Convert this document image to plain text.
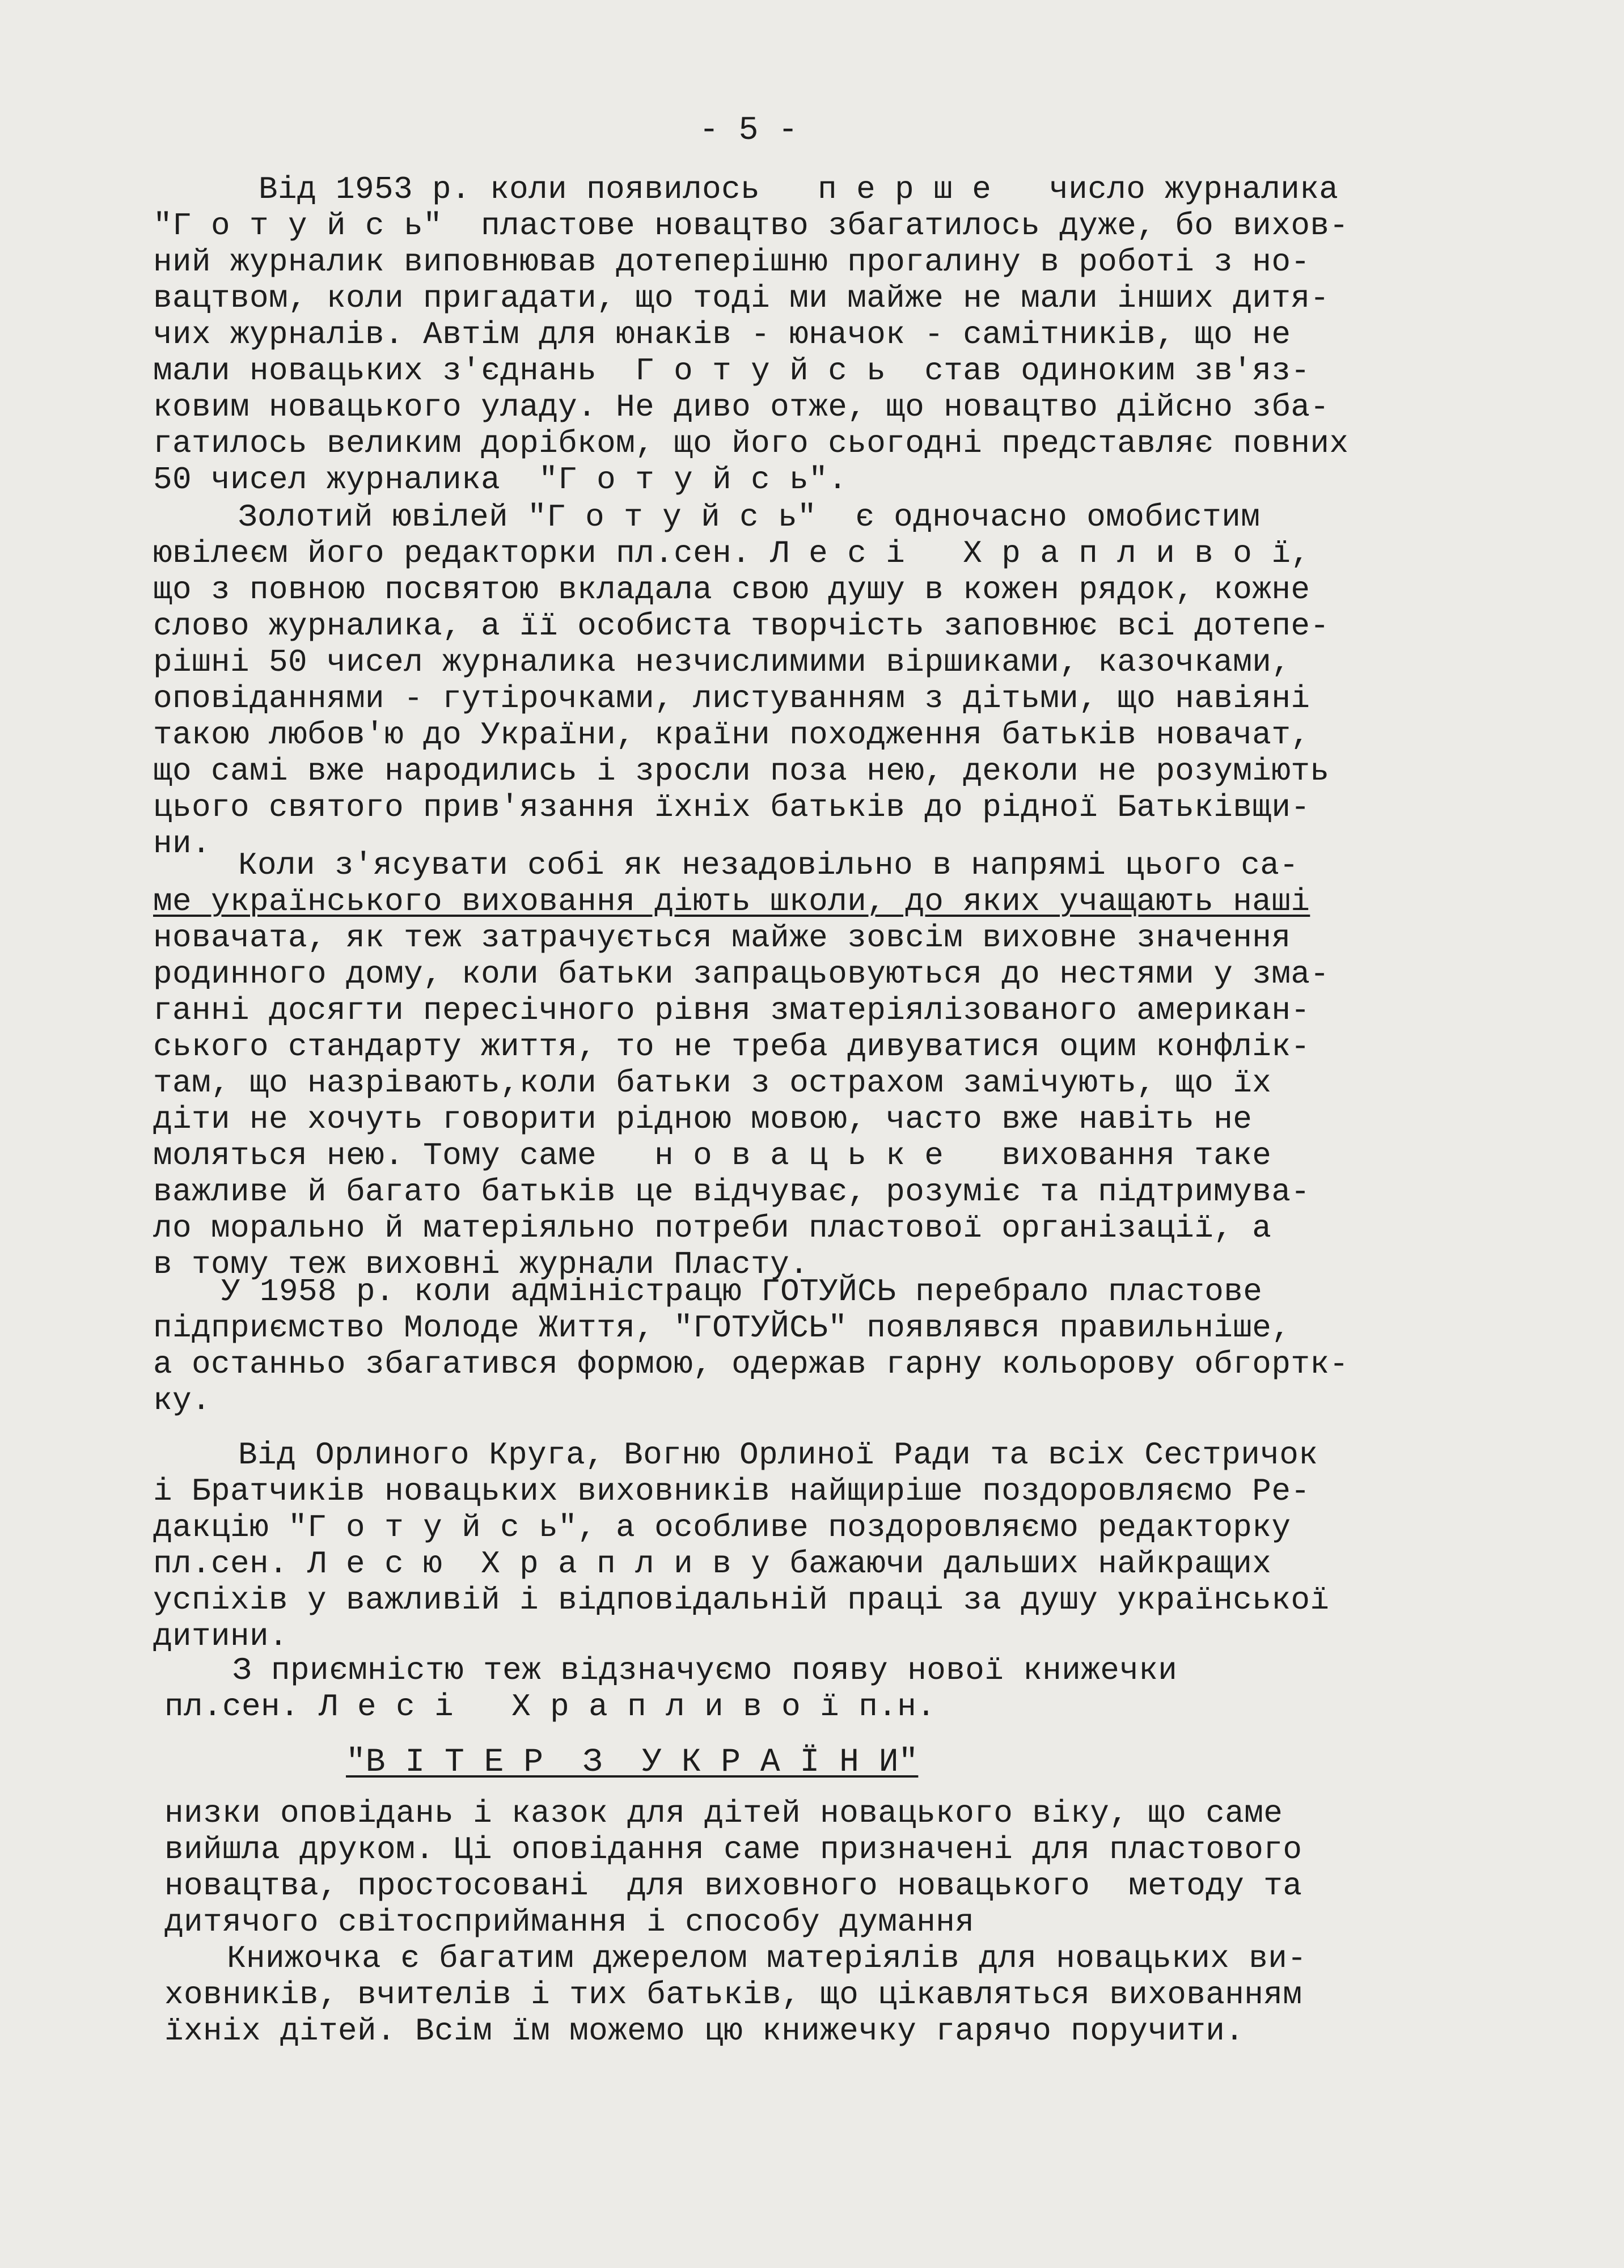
- 5 -

Від 1953 р. коли появилось   п е р ш е   число журналика

"Г о т у й с ь"  пластове новацтво збагатилось дуже, бо вихов-

ний журналик виповнював дотеперішню прогалину в роботі з но-

вацтвом, коли пригадати, що тоді ми майже не мали інших дитя-

чих журналів. Автім для юнаків - юначок - самітників, що не

мали новацьких з'єднань  Г о т у й с ь  став одиноким зв'яз-

ковим новацького уладу. Не диво отже, що новацтво дійсно зба-

гатилось великим дорібком, що його сьогодні представляє повних

50 чисел журналика  "Г о т у й с ь".

Золотий ювілей "Г о т у й с ь"  є одночасно омобистим

ювілеєм його редакторки пл.сен. Л е с і   Х р а п л и в о ї,

що з повною посвятою вкладала свою душу в кожен рядок, кожне

слово журналика, а її особиста творчість заповнює всі дотепе-

рішні 50 чисел журналика незчислимими віршиками, казочками,

оповіданнями - гутірочками, листуванням з дітьми, що навіяні

такою любов'ю до України, країни походження батьків новачат,

що самі вже народились і зросли поза нею, деколи не розуміють

цього святого прив'язання їхніх батьків до рідної Батьківщи-

ни.

Коли з'ясувати собі як незадовільно в напрямі цього са-

ме українського виховання діють школи, до яких учащають наші

новачата, як теж затрачується майже зовсім виховне значення

родинного дому, коли батьки запрацьовуються до нестями у зма-

ганні досягти пересічного рівня зматеріялізованого американ-

ського стандарту життя, то не треба дивуватися оцим конфлік-

там, що назрівають,коли батьки з острахом замічують, що їх

діти не хочуть говорити рідною мовою, часто вже навіть не

моляться нею. Тому саме   н о в а ц ь к е   виховання таке

важливе й багато батьків це відчуває, розуміє та підтримува-

ло морально й матеріяльно потреби пластової організації, а

в тому теж виховні журнали Пласту.

У 1958 р. коли адміністрацю ГОТУЙСЬ перебрало пластове

підприємство Молоде Життя, "ГОТУЙСЬ" появлявся правильніше,

а останньо збагатився формою, одержав гарну кольорову обгортк-

ку.

Від Орлиного Круга, Вогню Орлиної Ради та всіх Сестричок

і Братчиків новацьких виховників найщиріше поздоровляємо Ре-

дакцію "Г о т у й с ь", а особливе поздоровляємо редакторку

пл.сен. Л е с ю  Х р а п л и в у бажаючи дальших найкращих

успіхів у важливій і відповідальній праці за душу української

дитини.

З приємністю теж відзначуємо появу нової книжечки

пл.сен. Л е с і   Х р а п л и в о ї п.н.

"В І Т Е Р  З  У К Р А Ї Н И"

низки оповідань і казок для дітей новацького віку, що саме

вийшла друком. Ці оповідання саме призначені для пластового

новацтва, простосовані  для виховного новацького  методу та

дитячого світосприймання і способу думання

Книжочка є багатим джерелом матеріялів для новацьких ви-

ховників, вчителів і тих батьків, що цікавляться вихованням

їхніх дітей. Всім їм можемо цю книжечку гарячо поручити.
